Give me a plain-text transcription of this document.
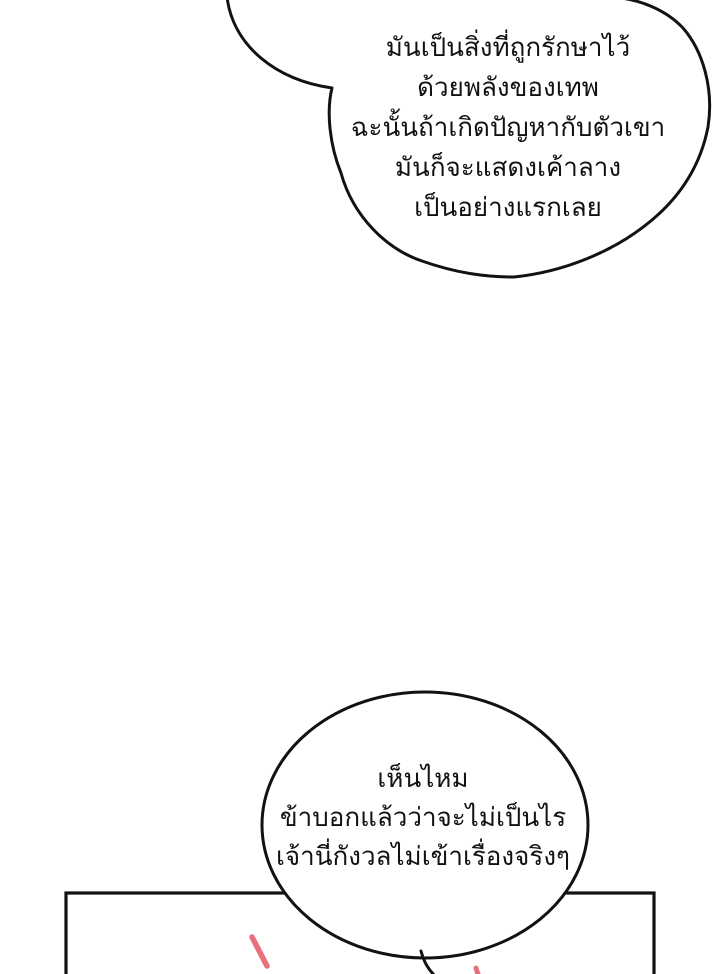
มันเป็นสิ่งที่ถูกรักษาไว้
ด้วยพลังของเทพ
ฉะนั้นถ้าเกิดปัญหากับตัวเขา
มันก็จะแสดงเค้าลาง
เป็นอย่างแรกเลย
เห็นไหม
ข้าบอกแล้วว่าจะไม่เป็นไร
เจ้านี่กังวลไม่เข้าเรื่องจริงๆ
